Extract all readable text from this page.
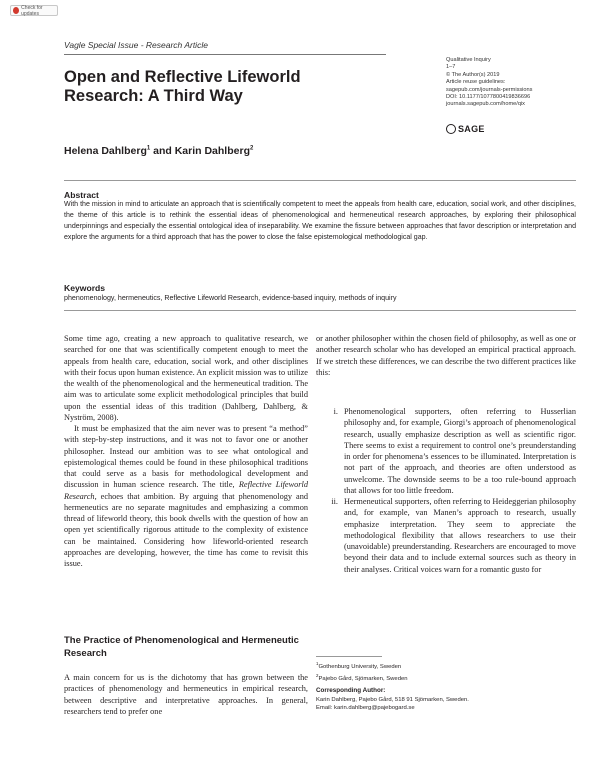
Check for updates
Vagle Special Issue - Research Article
Open and Reflective Lifeworld
Research: A Third Way
Helena Dahlberg$^1$ and Karin Dahlberg$^2$
Qualitative Inquiry
1–7
© The Author(s) 2019
Article reuse guidelines:
sagepub.com/journals-permissions
DOI: 10.1177/1077800419836696
journals.sagepub.com/home/qix
SAGE
Abstract
With the mission in mind to articulate an approach that is scientifically competent to meet the appeals from health care, education, social work, and other disciplines, the theme of this article is to rethink the essential ideas of phenomenological and hermeneutical research approaches, by exploring their philosophical underpinnings and especially the essential ontological idea of inseparability. We examine the fissure between approaches that favor description or interpretation and explore the arguments for a third approach that has the power to close the false epistemological methodological gap.
Keywords
phenomenology, hermeneutics, Reflective Lifeworld Research, evidence-based inquiry, methods of inquiry

Some time ago, creating a new approach to qualitative research, we searched for one that was scientifically competent enough to meet the appeals from health care, education, social work, and other disciplines with their focus upon human existence. An explicit mission was to utilize the wealth of the phenomenological and the hermeneutical tradition. The aim was to articulate some explicit methodological principles that build upon the essential ideas of this tradition (Dahlberg, Dahlberg, & Nyström, 2008).

It must be emphasized that the aim never was to present “a method” with step-by-step instructions, and it was not to favor one or another philosopher. Instead our ambition was to see what ontological and epistemological themes could be found in these philosophical traditions that could serve as a basis for methodological development and discussion in human science research. The title, Reflective Lifeworld Research, echoes that ambition. By arguing that phenomenology and hermeneutics are no separate magnitudes and emphasizing a common thread of lifeworld theory, this book dwells with the question of how an open yet scientifically rigorous attitude to the complexity of existence can be maintained. Considering how lifeworld-oriented research approaches are developing, however, the time has come to revisit this issue.

The Practice of Phenomenological and Hermeneutic Research

A main concern for us is the dichotomy that has grown between the practices of phenomenology and hermeneutics in empirical research, between descriptive and interpretative approaches. In general, researchers tend to prefer one

or another philosopher within the chosen field of philosophy, as well as one or another research scholar who has developed an empirical practical approach. If we stretch these differences, we can describe the two different practices like this:

i. Phenomenological supporters, often referring to Husserlian philosophy and, for example, Giorgi’s approach of phenomenological research, usually emphasize description as well as scientific rigor. There seems to exist a requirement to control one’s preunderstanding in order for phenomena’s essences to be illuminated. Interpretation is not part of the approach, and theories are often understood as unwelcome. The downside seems to be a too rule-bound approach that allows for too little freedom.
ii. Hermeneutical supporters, often referring to Heideggerian philosophy and, for example, van Manen’s approach to research, usually emphasize interpretation. They seem to appreciate the methodological flexibility that allows researchers to use their (unavoidable) preunderstanding. Researchers are encouraged to move beyond their data and to include external sources such as theory in their analyses. Critical voices warn for a romantic gusto for
$^1$Gothenburg University, Sweden
$^2$Pajebo Gård, Sjömarken, Sweden
Corresponding Author:
Karin Dahlberg, Pajebo Gård, 518 91 Sjömarken, Sweden.
Email: karin.dahlberg@pajebogard.se
